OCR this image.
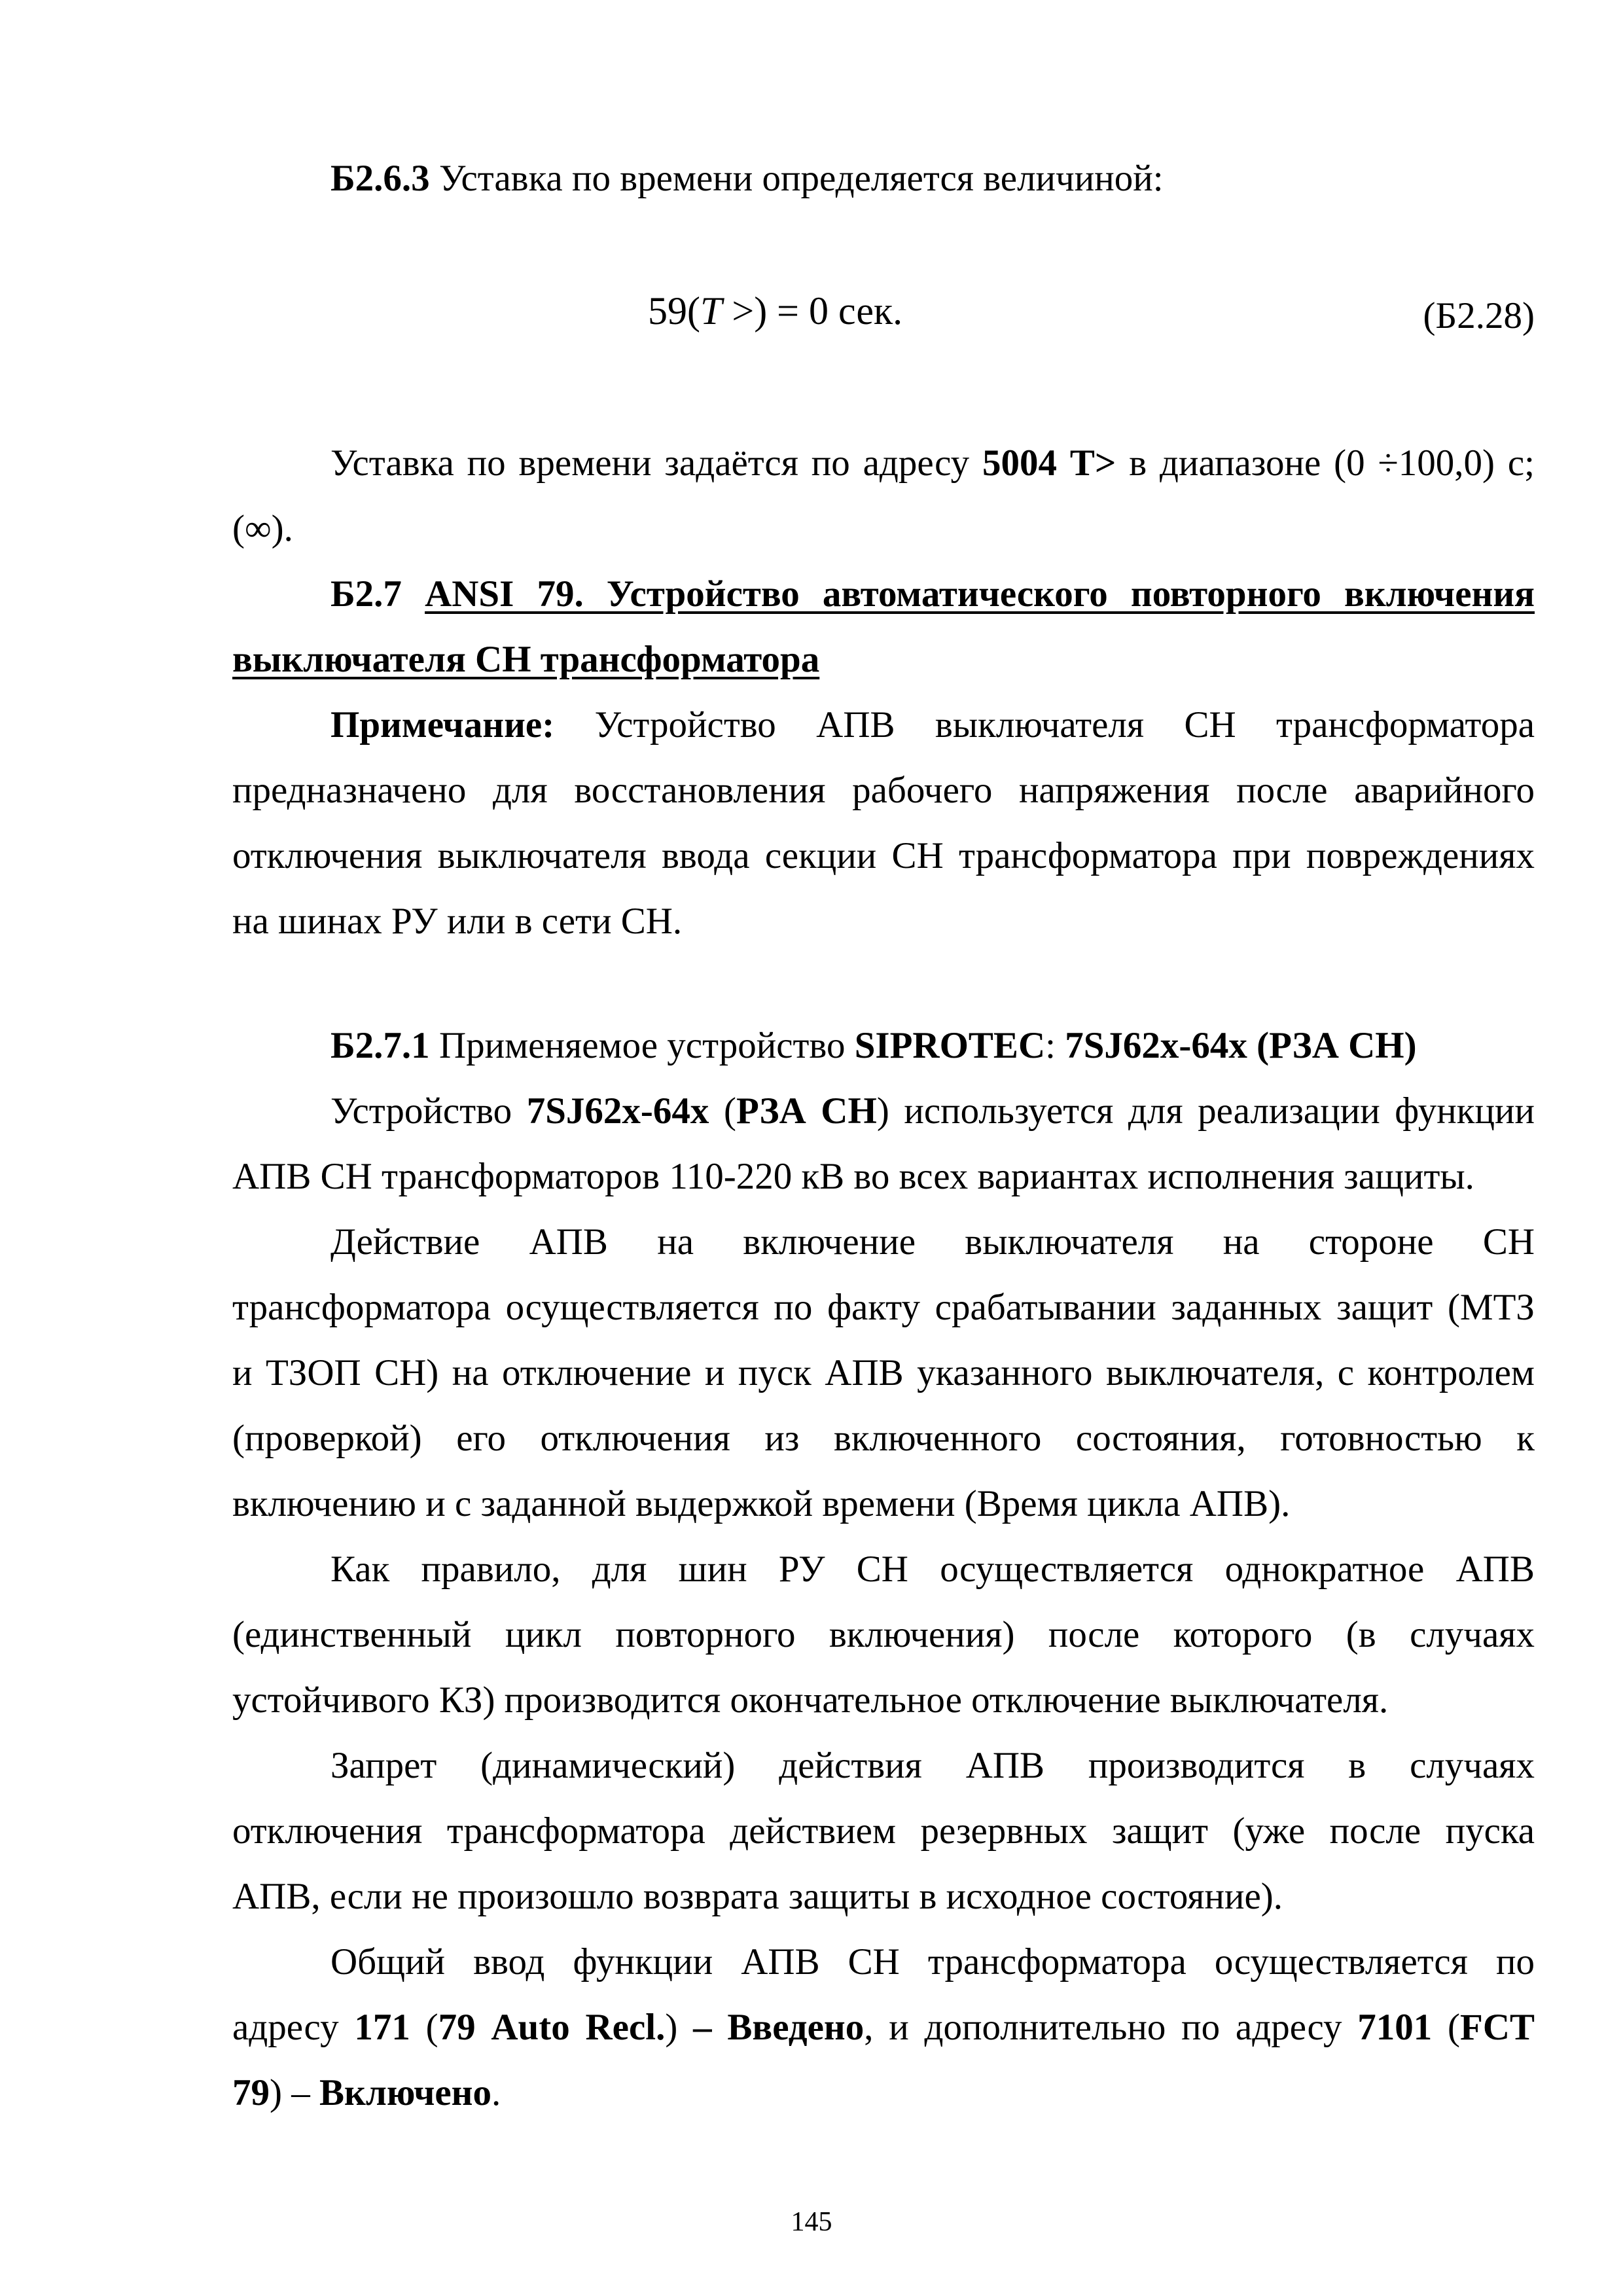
Б2.6.3 Уставка по времени определяется величиной:
59(T >) = 0 сек.	(Б2.28)
Уставка по времени задаётся по адресу 5004 T> в диапазоне (0 ÷100,0) с;
(∞).
Б2.7 ANSI 79. Устройство автоматического повторного включения
выключателя СН трансформатора
Примечание: Устройство АПВ выключателя СН трансформатора
предназначено для восстановления рабочего напряжения после аварийного
отключения выключателя ввода секции СН трансформатора при повреждениях
на шинах РУ или в сети СН.
Б2.7.1 Применяемое устройство SIPROTEC: 7SJ62x-64x (РЗА СН)
Устройство 7SJ62x-64x (РЗА СН) используется для реализации функции
АПВ СН трансформаторов 110-220 кВ во всех вариантах исполнения защиты.
Действие АПВ на включение выключателя на стороне СН
трансформатора осуществляется по факту срабатывании заданных защит (МТЗ
и ТЗОП СН) на отключение и пуск АПВ указанного выключателя, с контролем
(проверкой) его отключения из включенного состояния, готовностью к
включению и с заданной выдержкой времени (Время цикла АПВ).
Как правило, для шин РУ СН осуществляется однократное АПВ
(единственный цикл повторного включения) после которого (в случаях
устойчивого КЗ) производится окончательное отключение выключателя.
Запрет (динамический) действия АПВ производится в случаях
отключения трансформатора действием резервных защит (уже после пуска
АПВ, если не произошло возврата защиты в исходное состояние).
Общий ввод функции АПВ СН трансформатора осуществляется по
адресу 171 (79 Auto Recl.) – Введено, и дополнительно по адресу 7101 (FCT
79) – Включено.
145
